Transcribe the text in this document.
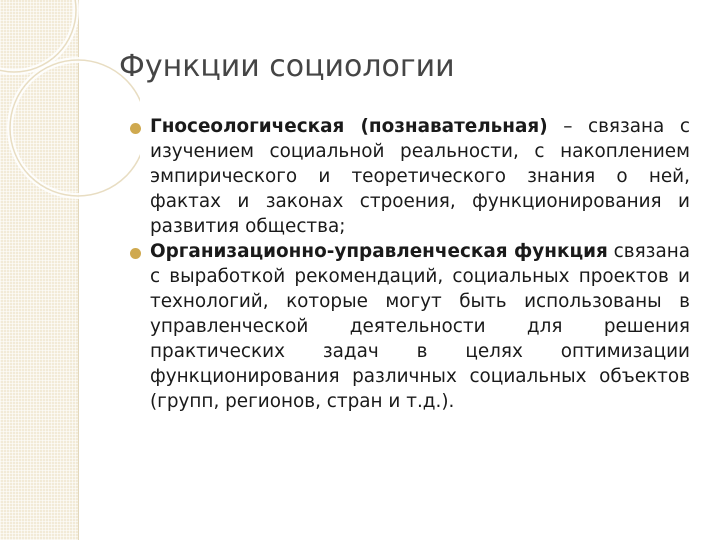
Функции социологии
Гносеологическая (познавательная) – связана с изучением социальной реальности, с накоплением эмпирического и теоретического знания о ней, фактах и законах строения, функционирования и развития общества;
Организационно-управленческая функция связана с выработкой рекомендаций, социальных проектов и технологий, которые могут быть использованы в управленческой деятельности для решения практических задач в целях оптимизации функционирования различных социальных объектов (групп, регионов, стран и т.д.).
